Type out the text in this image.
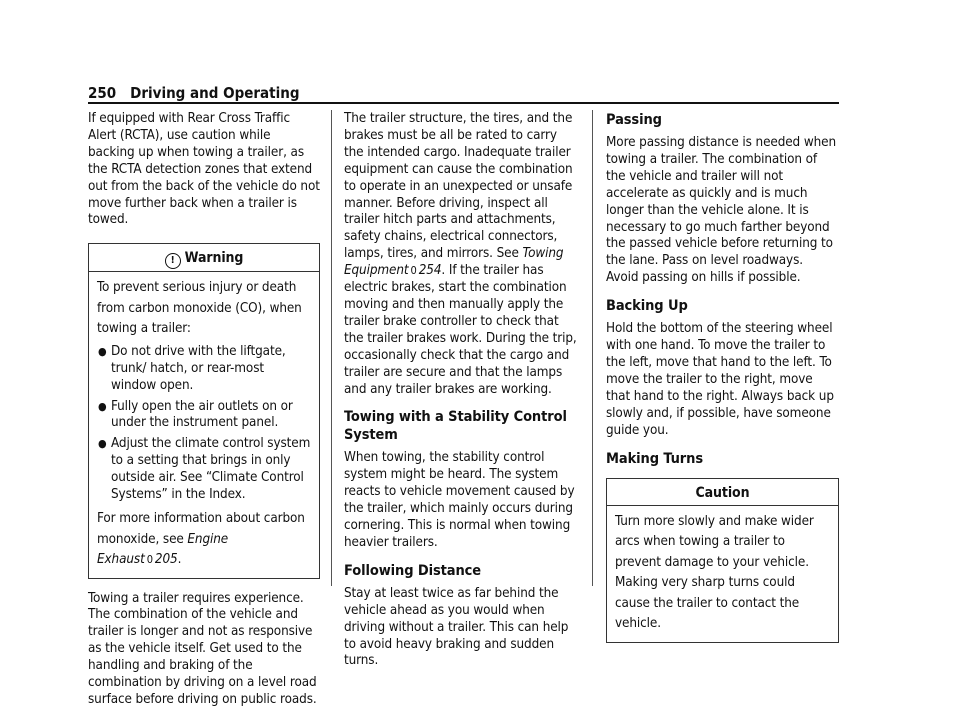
250 Driving and Operating

If equipped with Rear Cross Traffic Alert (RCTA), use caution while backing up when towing a trailer, as the RCTA detection zones that extend out from the back of the vehicle do not move further back when a trailer is towed.

! Warning

To prevent serious injury or death from carbon monoxide (CO), when towing a trailer:

● Do not drive with the liftgate, trunk/ hatch, or rear-most window open.
● Fully open the air outlets on or under the instrument panel.
● Adjust the climate control system to a setting that brings in only outside air. See “Climate Control Systems” in the Index.

For more information about carbon monoxide, see Engine Exhaust 0 205.

Towing a trailer requires experience. The combination of the vehicle and trailer is longer and not as responsive as the vehicle itself. Get used to the handling and braking of the combination by driving on a level road surface before driving on public roads.

The trailer structure, the tires, and the brakes must be all be rated to carry the intended cargo. Inadequate trailer equipment can cause the combination to operate in an unexpected or unsafe manner. Before driving, inspect all trailer hitch parts and attachments, safety chains, electrical connectors, lamps, tires, and mirrors. See Towing Equipment 0 254. If the trailer has electric brakes, start the combination moving and then manually apply the trailer brake controller to check that the trailer brakes work. During the trip, occasionally check that the cargo and trailer are secure and that the lamps and any trailer brakes are working.

Towing with a Stability Control System

When towing, the stability control system might be heard. The system reacts to vehicle movement caused by the trailer, which mainly occurs during cornering. This is normal when towing heavier trailers.

Following Distance

Stay at least twice as far behind the vehicle ahead as you would when driving without a trailer. This can help to avoid heavy braking and sudden turns.

Passing

More passing distance is needed when towing a trailer. The combination of the vehicle and trailer will not accelerate as quickly and is much longer than the vehicle alone. It is necessary to go much farther beyond the passed vehicle before returning to the lane. Pass on level roadways. Avoid passing on hills if possible.

Backing Up

Hold the bottom of the steering wheel with one hand. To move the trailer to the left, move that hand to the left. To move the trailer to the right, move that hand to the right. Always back up slowly and, if possible, have someone guide you.

Making Turns
Caution
Turn more slowly and make wider arcs when towing a trailer to prevent damage to your vehicle. Making very sharp turns could cause the trailer to contact the vehicle.
